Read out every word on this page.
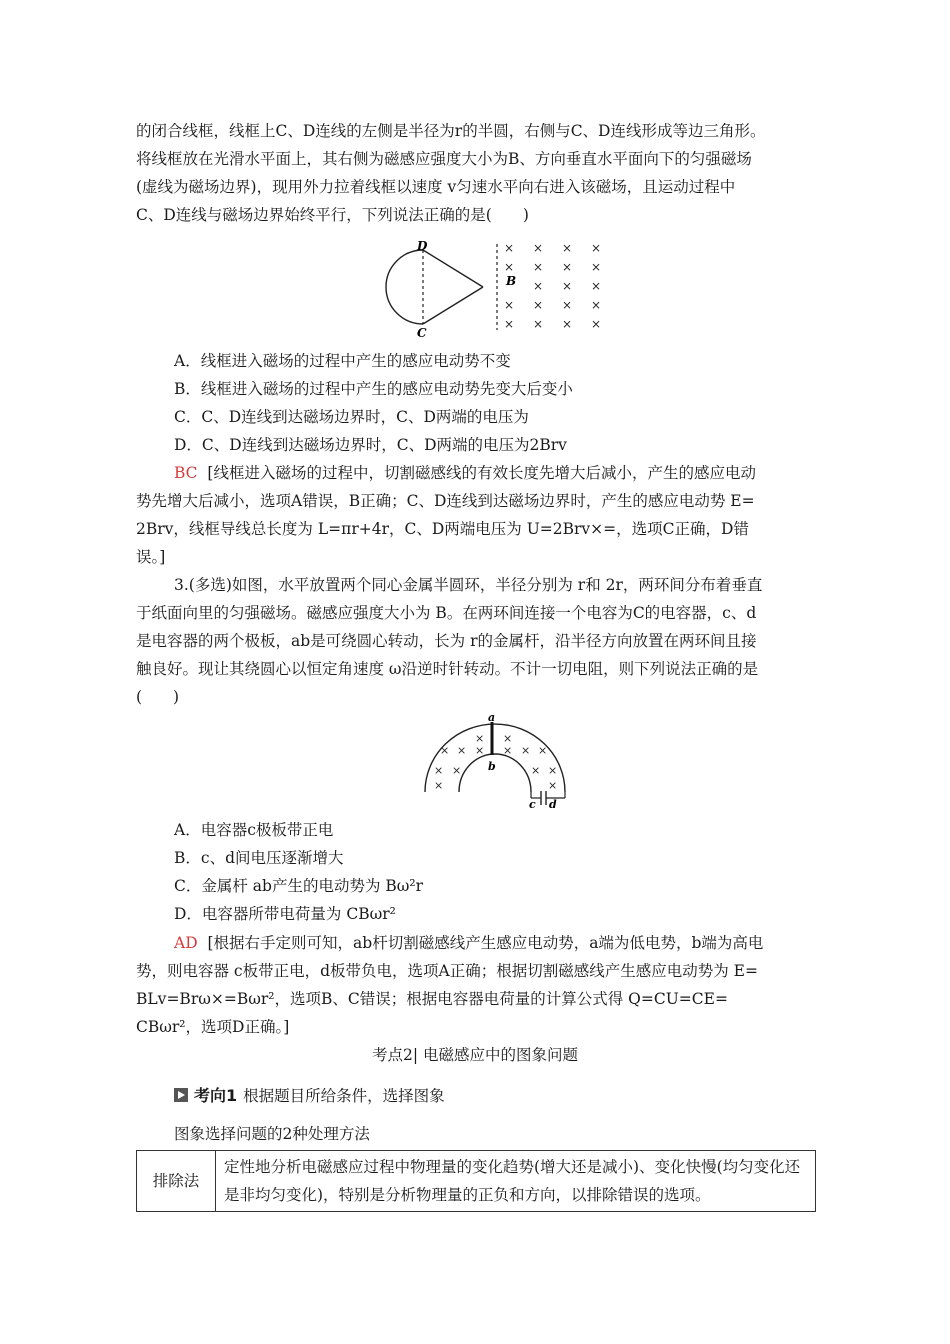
的闭合线框，线框上C、D连线的左侧是半径为r的半圆，右侧与C、D连线形成等边三角形。
将线框放在光滑水平面上，其右侧为磁感应强度大小为B、方向垂直水平面向下的匀强磁场
(虚线为磁场边界)，现用外力拉着线框以速度 v匀速水平向右进入该磁场，且运动过程中
C、D连线与磁场边界始终平行，下列说法正确的是(　　)
D
C
×
×
×
×
×
×
×
×
×
×
×
×
×
×
×
×
×
×
×
B
A．线框进入磁场的过程中产生的感应电动势不变
B．线框进入磁场的过程中产生的感应电动势先变大后变小
C．C、D连线到达磁场边界时，C、D两端的电压为
D．C、D连线到达磁场边界时，C、D两端的电压为2Brv
BC [线框进入磁场的过程中，切割磁感线的有效长度先增大后减小，产生的感应电动
势先增大后减小，选项A错误，B正确；C、D连线到达磁场边界时，产生的感应电动势 E=
2Brv，线框导线总长度为 L=πr+4r，C、D两端电压为 U=2Brv×=，选项C正确，D错
误。]
3.(多选)如图，水平放置两个同心金属半圆环，半径分别为 r和 2r，两环间分布着垂直
于纸面向里的匀强磁场。磁感应强度大小为 B。在两环间连接一个电容为C的电容器，c、d
是电容器的两个极板，ab是可绕圆心转动，长为 r的金属杆，沿半径方向放置在两环间且接
触良好。现让其绕圆心以恒定角速度 ω沿逆时针转动。不计一切电阻，则下列说法正确的是
(　　)
a
b
c d
× ×
× × × × × ×
× ×	× ×
×	×
A．电容器c极板带正电
B．c、d间电压逐渐增大
C．金属杆 ab产生的电动势为 Bω²r
D．电容器所带电荷量为 CBωr²
AD [根据右手定则可知，ab杆切割磁感线产生感应电动势，a端为低电势，b端为高电
势，则电容器 c板带正电，d板带负电，选项A正确；根据切割磁感线产生感应电动势为 E=
BLv=Brω×=Bωr²，选项B、C错误；根据电容器电荷量的计算公式得 Q=CU=CE=
CBωr²，选项D正确。]
考点2| 电磁感应中的图象问题
考向1 根据题目所给条件，选择图象
图象选择问题的2种处理方法
排除法	定性地分析电磁感应过程中物理量的变化趋势(增大还是减小)、变化快慢(均匀变化还是非均匀变化)，特别是分析物理量的正负和方向，以排除错误的选项。
